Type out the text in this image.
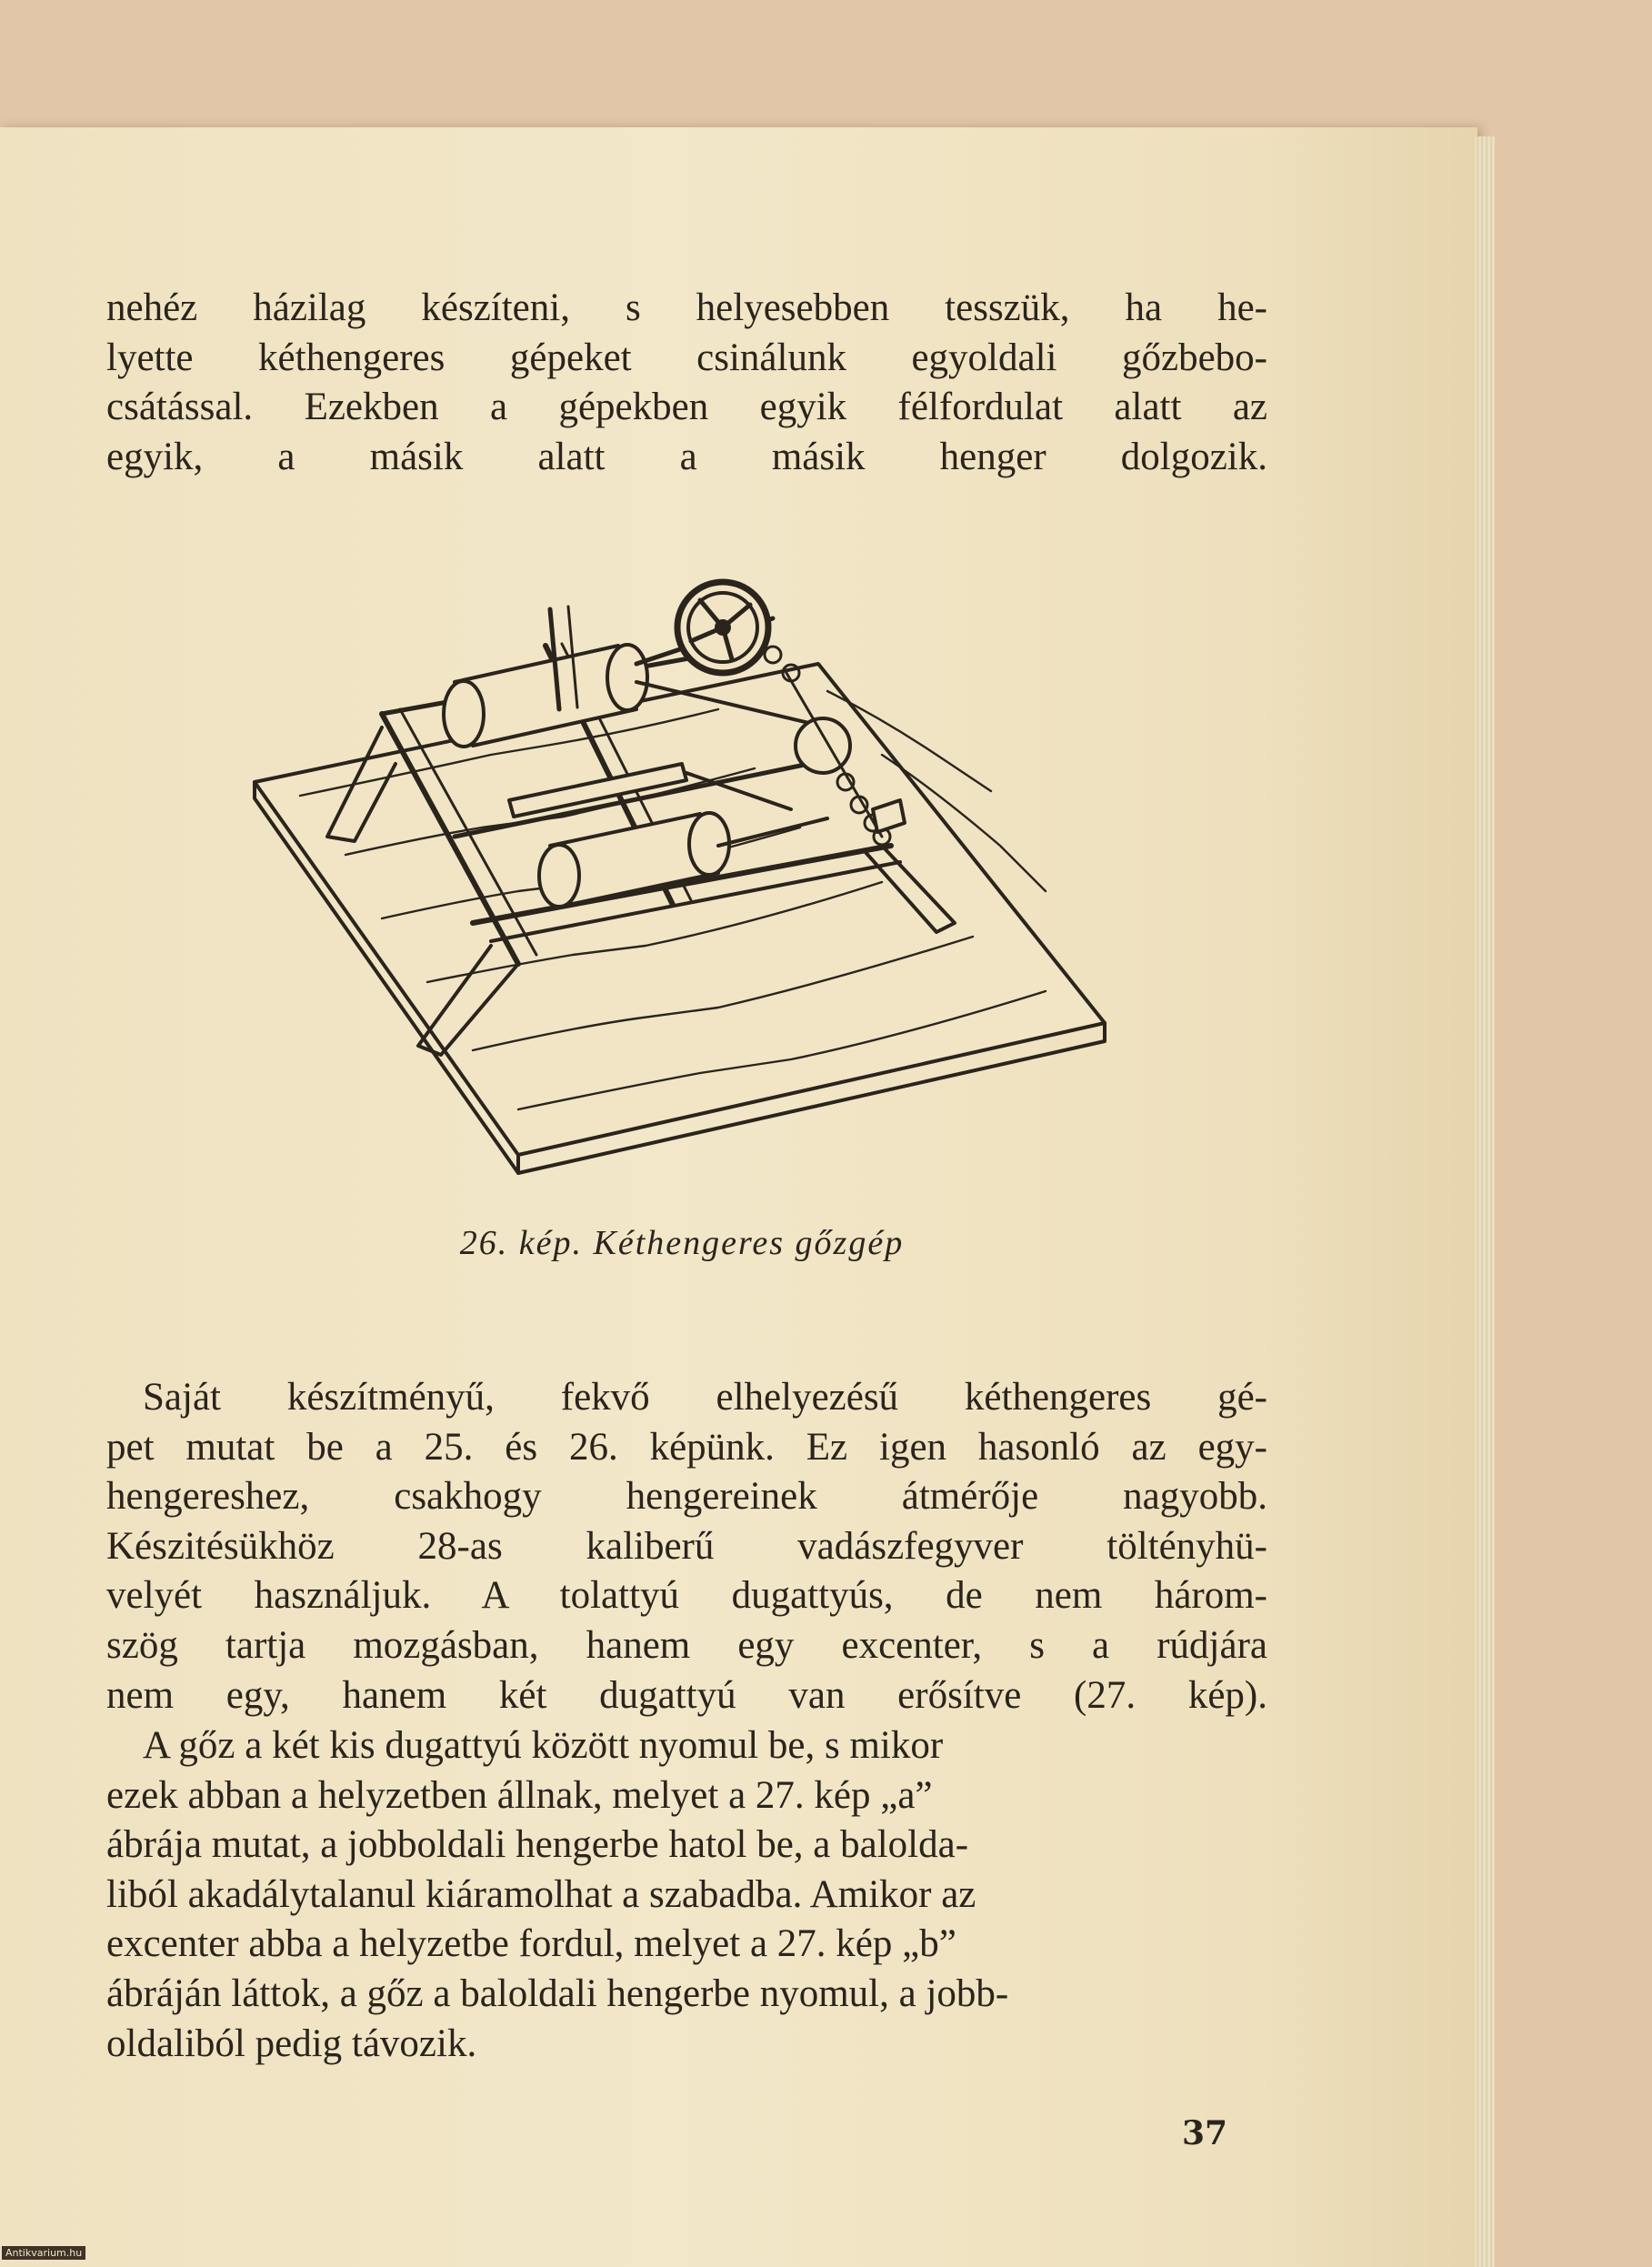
nehéz házilag készíteni, s helyesebben tesszük, ha he-
lyette kéthengeres gépeket csinálunk egyoldali gőzbebo-
csátással. Ezekben a gépekben egyik félfordulat alatt az
egyik, a másik alatt a másik henger dolgozik.

26. kép. Kéthengeres gőzgép

Saját készítményű, fekvő elhelyezésű kéthengeres gé-
pet mutat be a 25. és 26. képünk. Ez igen hasonló az egy-
hengereshez, csakhogy hengereinek átmérője nagyobb.
Készitésükhöz 28-as kaliberű vadászfegyver töltényhü-
velyét használjuk. A tolattyú dugattyús, de nem három-
szög tartja mozgásban, hanem egy excenter, s a rúdjára
nem egy, hanem két dugattyú van erősítve (27. kép).

A gőz a két kis dugattyú között nyomul be, s mikor
ezek abban a helyzetben állnak, melyet a 27. kép „a”
ábrája mutat, a jobboldali hengerbe hatol be, a balolda-
liból akadálytalanul kiáramolhat a szabadba. Amikor az
excenter abba a helyzetbe fordul, melyet a 27. kép „b”
ábráján láttok, a gőz a baloldali hengerbe nyomul, a jobb-
oldaliból pedig távozik.

37
Antikvarium.hu
